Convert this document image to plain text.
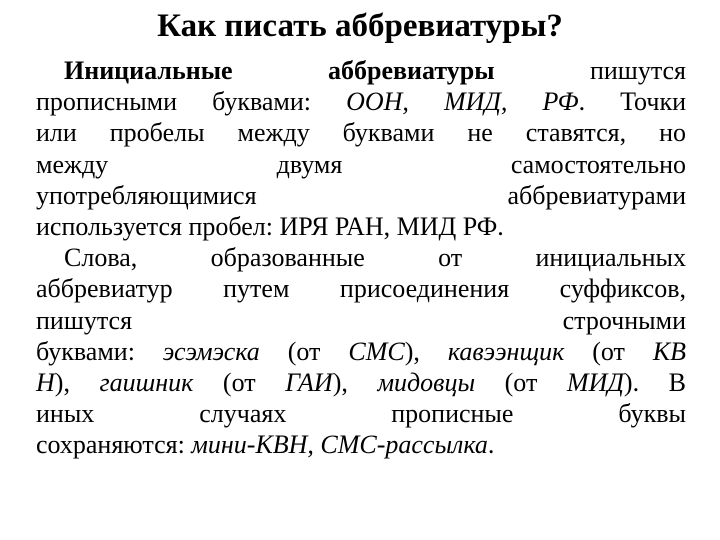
Как писать аббревиатуры?

Инициальные аббревиатуры пишутся
прописными буквами: ООН, МИД, РФ. Точки
или пробелы между буквами не ставятся, но
между двумя самостоятельно
употребляющимися аббревиатурами
используется пробел: ИРЯ РАН, МИД РФ.

Слова, образованные от инициальных
аббревиатур путем присоединения суффиксов,
пишутся строчными
буквами: эсэмэска (от СМС), кавээнщик (от КВ
Н), гаишник (от ГАИ), мидовцы (от МИД). В
иных случаях прописные буквы
сохраняются: мини-КВН, СМС-рассылка.
